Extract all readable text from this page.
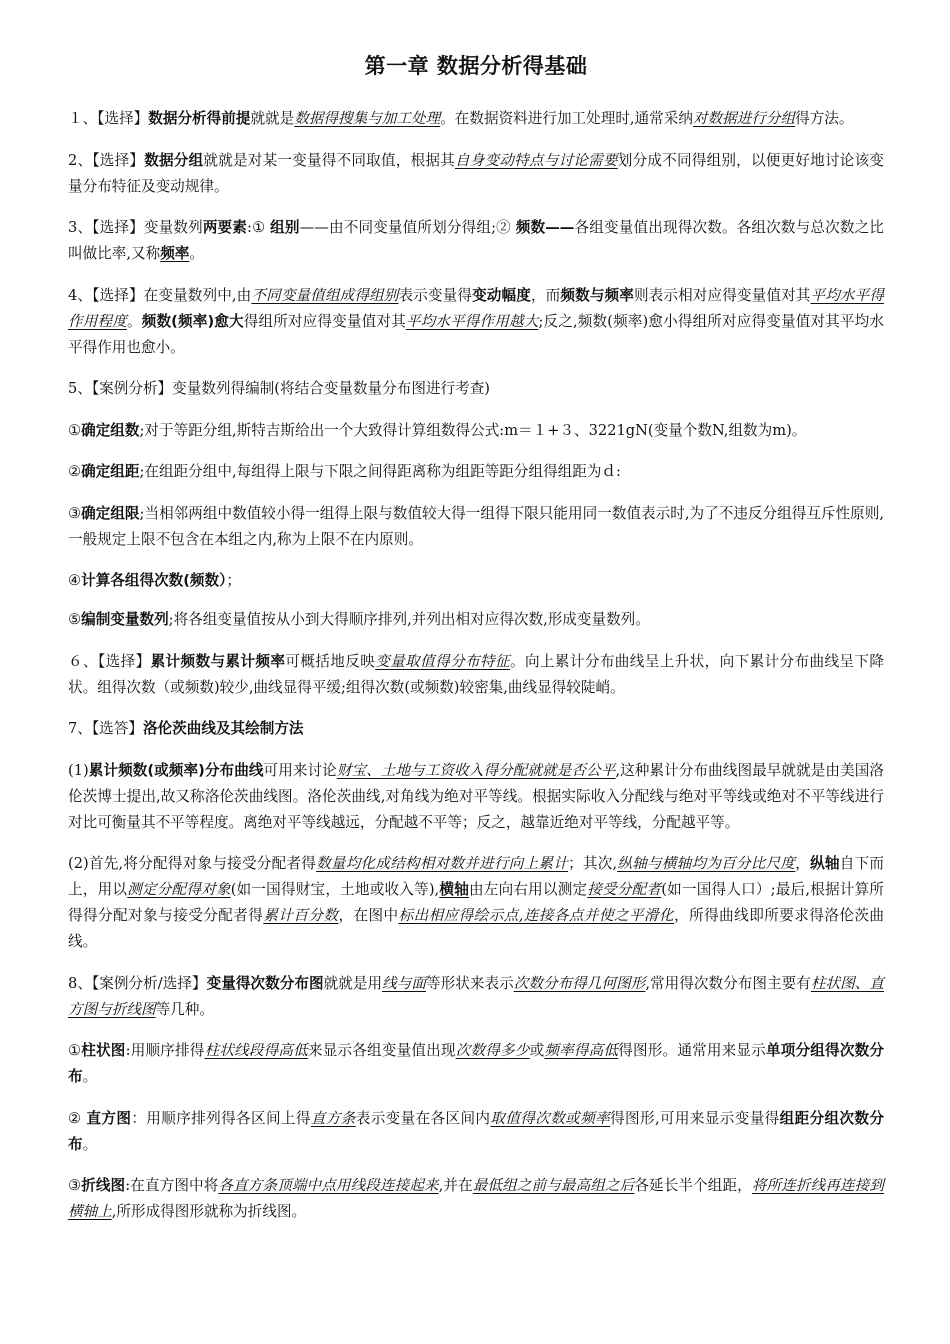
第一章 数据分析得基础

１、【选择】数据分析得前提就就是数据得搜集与加工处理。在数据资料进行加工处理时,通常采纳对数据进行分组得方法。

2、【选择】数据分组就就是对某一变量得不同取值，根据其自身变动特点与讨论需要划分成不同得组别，以便更好地讨论该变量分布特征及变动规律。

3、【选择】变量数列两要素:① 组别——由不同变量值所划分得组;② 频数——各组变量值出现得次数。各组次数与总次数之比叫做比率,又称频率。

4、【选择】在变量数列中,由不同变量值组成得组别表示变量得变动幅度，而频数与频率则表示相对应得变量值对其平均水平得作用程度。频数(频率)愈大得组所对应得变量值对其平均水平得作用越大;反之,频数(频率)愈小得组所对应得变量值对其平均水平得作用也愈小。

5、【案例分析】变量数列得编制(将结合变量数量分布图进行考查)

①确定组数;对于等距分组,斯特吉斯给出一个大致得计算组数得公式:m＝１+３、3221gN(变量个数N,组数为m)。

②确定组距;在组距分组中,每组得上限与下限之间得距离称为组距等距分组得组距为ｄ:

③确定组限;当相邻两组中数值较小得一组得上限与数值较大得一组得下限只能用同一数值表示时,为了不违反分组得互斥性原则,一般规定上限不包含在本组之内,称为上限不在内原则。

④计算各组得次数(频数）；

⑤编制变量数列;将各组变量值按从小到大得顺序排列,并列出相对应得次数,形成变量数列。

６、【选择】累计频数与累计频率可概括地反映变量取值得分布特征。向上累计分布曲线呈上升状，向下累计分布曲线呈下降状。组得次数（或频数)较少,曲线显得平缓;组得次数(或频数)较密集,曲线显得较陡峭。

7、【选答】洛伦茨曲线及其绘制方法

(1)累计频数(或频率)分布曲线可用来讨论财宝、土地与工资收入得分配就就是否公平,这种累计分布曲线图最早就就是由美国洛伦茨博士提出,故又称洛伦茨曲线图。洛伦茨曲线,对角线为绝对平等线。根据实际收入分配线与绝对平等线或绝对不平等线进行对比可衡量其不平等程度。离绝对平等线越远，分配越不平等；反之，越靠近绝对平等线，分配越平等。

(2)首先,将分配得对象与接受分配者得数量均化成结构相对数并进行向上累计；其次,纵轴与横轴均为百分比尺度，纵轴自下而上，用以测定分配得对象(如一国得财宝，土地或收入等),横轴由左向右用以测定接受分配者(如一国得人口）;最后,根据计算所得得分配对象与接受分配者得累计百分数，在图中标出相应得绘示点,连接各点并使之平滑化，所得曲线即所要求得洛伦茨曲线。

8、【案例分析/选择】变量得次数分布图就就是用线与面等形状来表示次数分布得几何图形,常用得次数分布图主要有柱状图、直方图与折线图等几种。

①柱状图:用顺序排得柱状线段得高低来显示各组变量值出现次数得多少或频率得高低得图形。通常用来显示单项分组得次数分布。

② 直方图：用顺序排列得各区间上得直方条表示变量在各区间内取值得次数或频率得图形,可用来显示变量得组距分组次数分布。

③折线图:在直方图中将各直方条顶端中点用线段连接起来,并在最低组之前与最高组之后各延长半个组距，将所连折线再连接到横轴上,所形成得图形就称为折线图。
